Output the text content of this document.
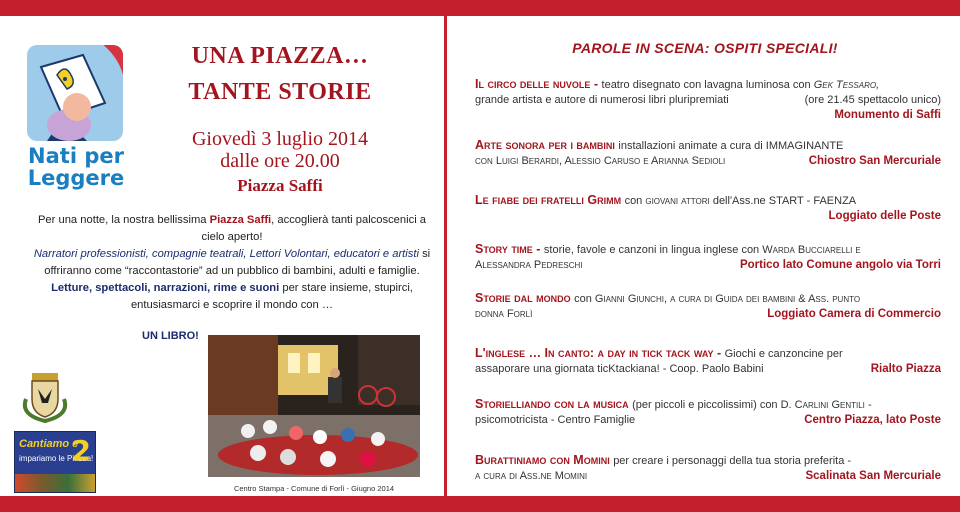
Nati per
Leggere
UNA PIAZZA…
TANTE STORIE
Giovedì 3 luglio 2014
dalle ore 20.00
Piazza Saffi
Per una notte, la nostra bellissima Piazza Saffi, accoglierà tanti palcoscenici a cielo aperto!
Narratori professionisti, compagnie teatrali, Lettori Volontari, educatori e artisti si offriranno come “raccontastorie” ad un pubblico di bambini, adulti e famiglie. Letture, spettacoli, narrazioni, rime e suoni per stare insieme, stupirci, entusiasmarci e scoprire il mondo con …
UN LIBRO!
Cantiamo e
impariamo le Piazza!
2
Centro Stampa - Comune di Forlì - Giugno 2014
PAROLE IN SCENA: OSPITI SPECIALI!
Il circo delle nuvole - teatro disegnato con lavagna luminosa con Gek Tessaro,
grande artista e autore di numerosi libri pluripremiati	(ore 21.45 spettacolo unico)
Monumento di Saffi
Arte sonora per i bambini installazioni animate a cura di IMMAGINANTE
con Luigi Berardi, Alessio Caruso e Arianna Sedioli	Chiostro San Mercuriale
Le fiabe dei fratelli Grimm con giovani attori dell'Ass.ne START - FAENZA
Loggiato delle Poste
Story time - storie, favole e canzoni in lingua inglese con Warda Bucciarelli e
Alessandra Pedreschi	Portico lato Comune angolo via Torri
Storie dal mondo con Gianni Giunchi, a cura di Guida dei bambini & Ass. punto
donna Forlì	Loggiato Camera di Commercio
L'inglese … In canto: a day in tick tack way - Giochi e canzoncine per
assaporare una giornata ticKtackiana! - Coop. Paolo Babini	Rialto Piazza
Storielliando con la musica (per piccoli e piccolissimi) con D. Carlini Gentili -
psicomotricista - Centro Famiglie	Centro Piazza, lato Poste
Burattiniamo con Momini per creare i personaggi della tua storia preferita -
a cura di Ass.ne Momini	Scalinata San Mercuriale
